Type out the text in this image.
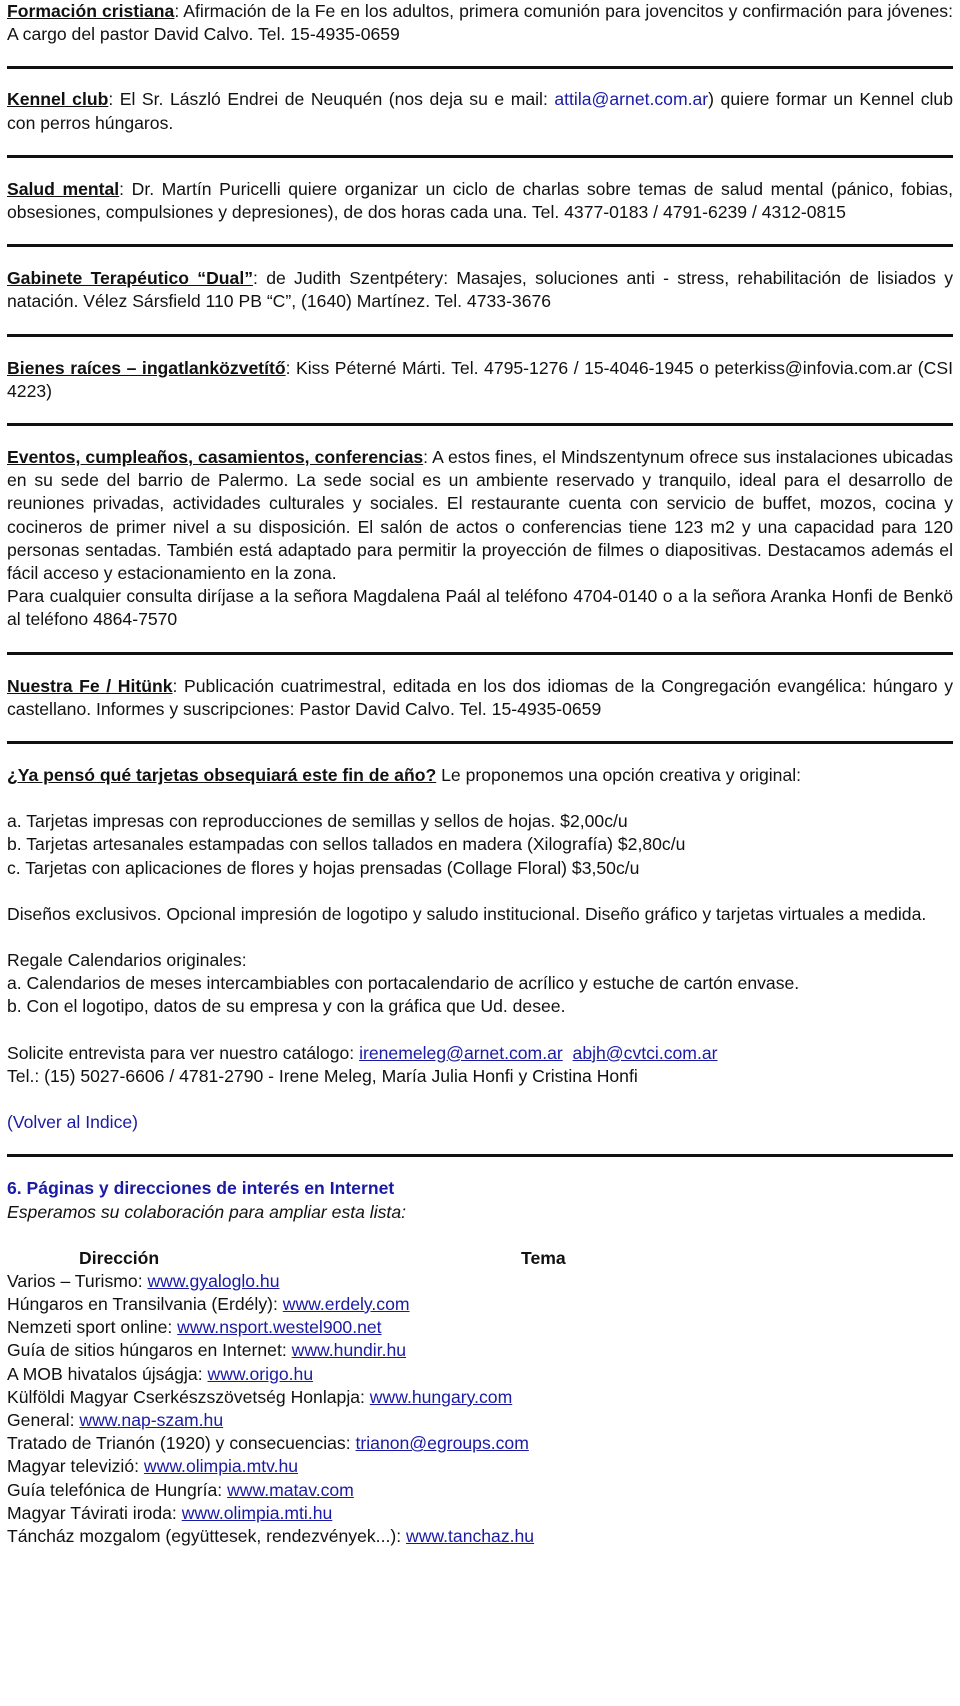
Formación cristiana: Afirmación de la Fe en los adultos, primera comunión para jovencitos y confirmación para jóvenes: A cargo del pastor David Calvo. Tel. 15-4935-0659

Kennel club: El Sr. László Endrei de Neuquén (nos deja su e mail: attila@arnet.com.ar) quiere formar un Kennel club con perros húngaros.

Salud mental: Dr. Martín Puricelli quiere organizar un ciclo de charlas sobre temas de salud mental (pánico, fobias, obsesiones, compulsiones y depresiones), de dos horas cada una. Tel. 4377-0183 / 4791-6239 / 4312-0815

Gabinete Terapéutico “Dual”: de Judith Szentpétery: Masajes, soluciones anti - stress, rehabilitación de lisiados y natación. Vélez Sársfield 110 PB “C”, (1640) Martínez. Tel. 4733-3676

Bienes raíces – ingatlanközvetítő: Kiss Péterné Márti. Tel. 4795-1276 / 15-4046-1945 o peterkiss@infovia.com.ar (CSI 4223)

Eventos, cumpleaños, casamientos, conferencias: A estos fines, el Mindszentynum ofrece sus instalaciones ubicadas en su sede del barrio de Palermo. La sede social es un ambiente reservado y tranquilo, ideal para el desarrollo de reuniones privadas, actividades culturales y sociales. El restaurante cuenta con servicio de buffet, mozos, cocina y cocineros de primer nivel a su disposición. El salón de actos o conferencias tiene 123 m2 y una capacidad para 120 personas sentadas. También está adaptado para permitir la proyección de filmes o diapositivas. Destacamos además el fácil acceso y estacionamiento en la zona.

Para cualquier consulta diríjase a la señora Magdalena Paál al teléfono 4704-0140 o a la señora Aranka Honfi de Benkö al teléfono 4864-7570

Nuestra Fe / Hitünk: Publicación cuatrimestral, editada en los dos idiomas de la Congregación evangélica: húngaro y castellano. Informes y suscripciones: Pastor David Calvo. Tel. 15-4935-0659

¿Ya pensó qué tarjetas obsequiará este fin de año? Le proponemos una opción creativa y original:

a. Tarjetas impresas con reproducciones de semillas y sellos de hojas. $2,00c/u

b. Tarjetas artesanales estampadas con sellos tallados en madera (Xilografía) $2,80c/u

c. Tarjetas con aplicaciones de flores y hojas prensadas (Collage Floral) $3,50c/u

Diseños exclusivos. Opcional impresión de logotipo y saludo institucional. Diseño gráfico y tarjetas virtuales a medida.

Regale Calendarios originales:

a. Calendarios de meses intercambiables con portacalendario de acrílico y estuche de cartón envase.

b. Con el logotipo, datos de su empresa y con la gráfica que Ud. desee.

Solicite entrevista para ver nuestro catálogo: irenemeleg@arnet.com.ar abjh@cvtci.com.ar

Tel.: (15) 5027-6606 / 4781-2790 - Irene Meleg, María Julia Honfi y Cristina Honfi

(Volver al Indice)

6. Páginas y direcciones de interés en Internet

Esperamos su colaboración para ampliar esta lista:

Dirección	Tema

Varios – Turismo: www.gyaloglo.hu

Húngaros en Transilvania (Erdély): www.erdely.com

Nemzeti sport online: www.nsport.westel900.net

Guía de sitios húngaros en Internet: www.hundir.hu

A MOB hivatalos újságja: www.origo.hu

Külföldi Magyar Cserkészszövetség Honlapja: www.hungary.com

General: www.nap-szam.hu

Tratado de Trianón (1920) y consecuencias: trianon@egroups.com

Magyar televizió: www.olimpia.mtv.hu

Guía telefónica de Hungría: www.matav.com

Magyar Távirati iroda: www.olimpia.mti.hu

Táncház mozgalom (együttesek, rendezvények...): www.tanchaz.hu
